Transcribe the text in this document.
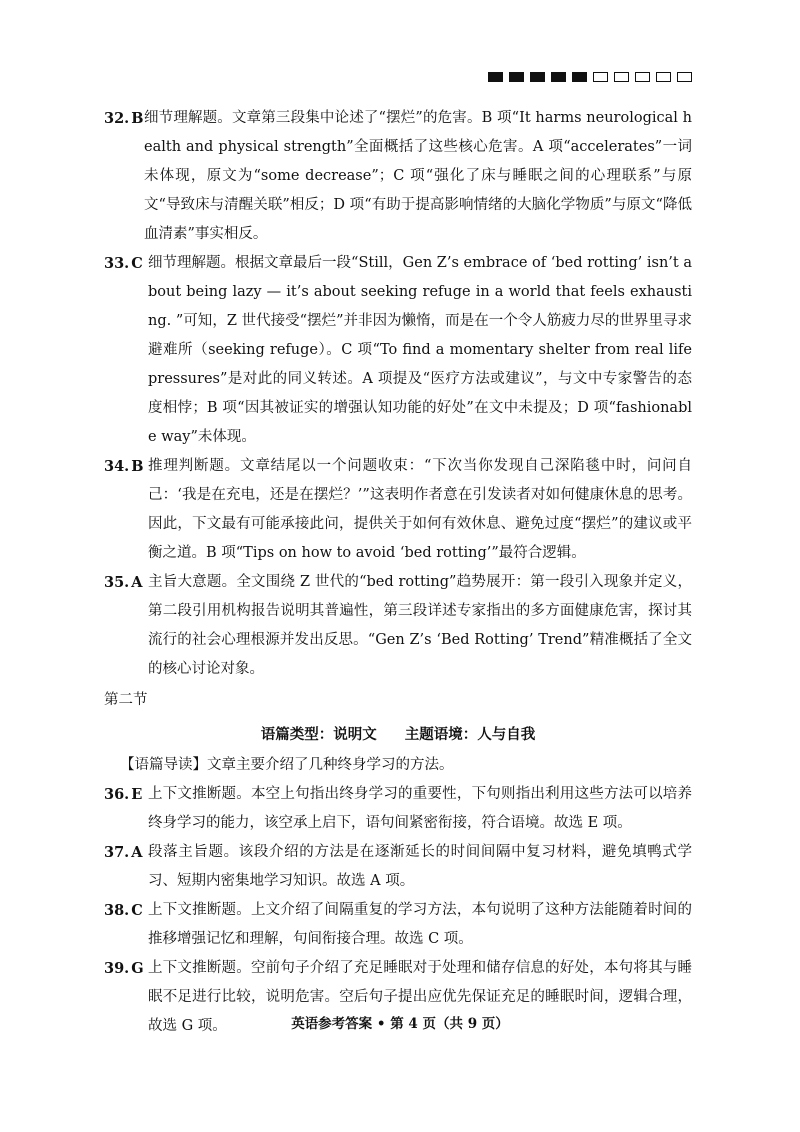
32. B 细节理解题。文章第三段集中论述了“摆烂”的危害。B 项“It harms neurological health and physical strength”全面概括了这些核心危害。A 项“accelerates”一词未体现，原文为“some decrease”；C 项“强化了床与睡眠之间的心理联系”与原文“导致床与清醒关联”相反；D 项“有助于提高影响情绪的大脑化学物质”与原文“降低血清素”事实相反。
33. C 细节理解题。根据文章最后一段“Still，Gen Z’s embrace of ‘bed rotting’ isn’t about being lazy — it’s about seeking refuge in a world that feels exhausting. ”可知，Z 世代接受“摆烂”并非因为懒惰，而是在一个令人筋疲力尽的世界里寻求避难所（seeking refuge）。C 项“To find a momentary shelter from real life pressures”是对此的同义转述。A 项提及“医疗方法或建议”，与文中专家警告的态度相悖；B 项“因其被证实的增强认知功能的好处”在文中未提及；D 项“fashionable way”未体现。
34. B 推理判断题。文章结尾以一个问题收束：“下次当你发现自己深陷毯中时，问问自己：‘我是在充电，还是在摆烂？’”这表明作者意在引发读者对如何健康休息的思考。因此，下文最有可能承接此问，提供关于如何有效休息、避免过度“摆烂”的建议或平衡之道。B 项“Tips on how to avoid ‘bed rotting’”最符合逻辑。
35. A 主旨大意题。全文围绕 Z 世代的“bed rotting”趋势展开：第一段引入现象并定义，第二段引用机构报告说明其普遍性，第三段详述专家指出的多方面健康危害，探讨其流行的社会心理根源并发出反思。“Gen Z’s ‘Bed Rotting’ Trend”精准概括了全文的核心讨论对象。
第二节
语篇类型：说明文 主题语境：人与自我
【语篇导读】文章主要介绍了几种终身学习的方法。
36. E 上下文推断题。本空上句指出终身学习的重要性，下句则指出利用这些方法可以培养终身学习的能力，该空承上启下，语句间紧密衔接，符合语境。故选 E 项。
37. A 段落主旨题。该段介绍的方法是在逐渐延长的时间间隔中复习材料，避免填鸭式学习、短期内密集地学习知识。故选 A 项。
38. C 上下文推断题。上文介绍了间隔重复的学习方法，本句说明了这种方法能随着时间的推移增强记忆和理解，句间衔接合理。故选 C 项。
39. G 上下文推断题。空前句子介绍了充足睡眠对于处理和储存信息的好处，本句将其与睡眠不足进行比较，说明危害。空后句子提出应优先保证充足的睡眠时间，逻辑合理，故选 G 项。	英语参考答案 • 第 4 页（共 9 页）
